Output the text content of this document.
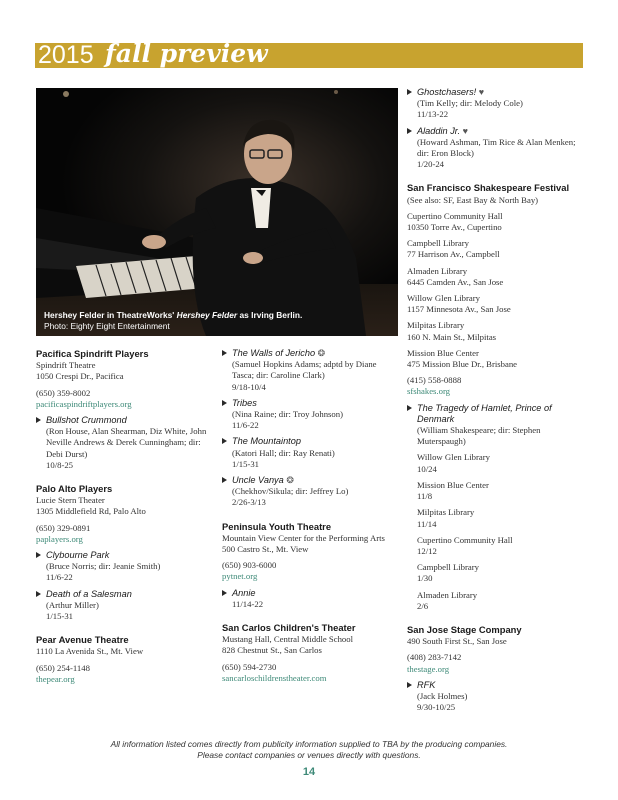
2015 fall preview
Hershey Felder in TheatreWorks' Hershey Felder as Irving Berlin.
Photo: Eighty Eight Entertainment
Pacifica Spindrift Players
Spindrift Theatre
1050 Crespi Dr., Pacifica
(650) 359-8002
pacificaspindriftplayers.org
Bullshot Crummond
(Ron House, Alan Shearman, Diz White, John Neville Andrews & Derek Cunningham; dir: Debi Durst)
10/8-25
Palo Alto Players
Lucie Stern Theater
1305 Middlefield Rd, Palo Alto
(650) 329-0891
paplayers.org
Clybourne Park
(Bruce Norris; dir: Jeanie Smith)
11/6-22
Death of a Salesman
(Arthur Miller)
1/15-31
Pear Avenue Theatre
1110 La Avenida St., Mt. View
(650) 254-1148
thepear.org
The Walls of Jericho ❂
(Samuel Hopkins Adams; adptd by Diane Tasca; dir: Caroline Clark)
9/18-10/4
Tribes
(Nina Raine; dir: Troy Johnson)
11/6-22
The Mountaintop
(Katori Hall; dir: Ray Renati)
1/15-31
Uncle Vanya ❂
(Chekhov/Sikula; dir: Jeffrey Lo)
2/26-3/13
Peninsula Youth Theatre
Mountain View Center for the Performing Arts
500 Castro St., Mt. View
(650) 903-6000
pytnet.org
Annie
11/14-22
San Carlos Children's Theater
Mustang Hall, Central Middle School
828 Chestnut St., San Carlos
(650) 594-2730
sancarloschildrenstheater.com
Ghostchasers! ♥
(Tim Kelly; dir: Melody Cole)
11/13-22
Aladdin Jr. ♥
(Howard Ashman, Tim Rice & Alan Menken; dir: Eron Block)
1/20-24
San Francisco Shakespeare Festival
(See also: SF, East Bay & North Bay)
Cupertino Community Hall
10350 Torre Av., Cupertino
Campbell Library
77 Harrison Av., Campbell
Almaden Library
6445 Camden Av., San Jose
Willow Glen Library
1157 Minnesota Av., San Jose
Milpitas Library
160 N. Main St., Milpitas
Mission Blue Center
475 Mission Blue Dr., Brisbane
(415) 558-0888
sfshakes.org
The Tragedy of Hamlet, Prince of Denmark
(William Shakespeare; dir: Stephen Muterspaugh)
Willow Glen Library
10/24
Mission Blue Center
11/8
Milpitas Library
11/14
Cupertino Community Hall
12/12
Campbell Library
1/30
Almaden Library
2/6
San Jose Stage Company
490 South First St., San Jose
(408) 283-7142
thestage.org
RFK
(Jack Holmes)
9/30-10/25
All information listed comes directly from publicity information supplied to TBA by the producing companies.
Please contact companies or venues directly with questions.
14
